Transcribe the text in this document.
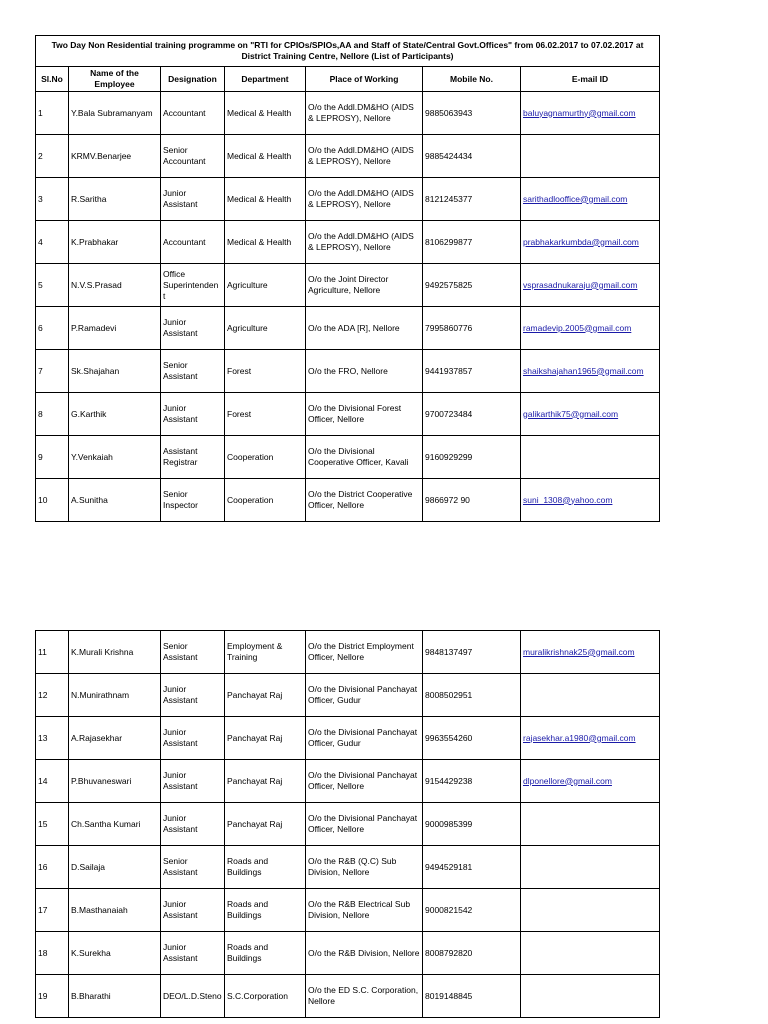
Two Day Non Residential training programme on "RTI for CPIOs/SPIOs,AA and Staff of State/Central Govt.Offices" from 06.02.2017 to 07.02.2017 at District Training Centre, Nellore (List of Participants)						
Sl.No	Name of the Employee	Designation	Department	Place of Working	Mobile No.	E-mail ID
1	Y.Bala Subramanyam	Accountant	Medical & Health	O/o the Addl.DM&HO (AIDS & LEPROSY), Nellore	9885063943	baluyagnamurthy@gmail.com
2	KRMV.Benarjee	Senior Accountant	Medical & Health	O/o the Addl.DM&HO (AIDS & LEPROSY), Nellore	9885424434	
3	R.Saritha	Junior Assistant	Medical & Health	O/o the Addl.DM&HO (AIDS & LEPROSY), Nellore	8121245377	sarithadlooffice@gmail.com
4	K.Prabhakar	Accountant	Medical & Health	O/o the Addl.DM&HO (AIDS & LEPROSY), Nellore	8106299877	prabhakarkumbda@gmail.com
5	N.V.S.Prasad	Office Superintenden t	Agriculture	O/o the Joint Director Agriculture, Nellore	9492575825	vsprasadnukaraju@gmail.com
6	P.Ramadevi	Junior Assistant	Agriculture	O/o the ADA [R], Nellore	7995860776	ramadevip.2005@gmail.com
7	Sk.Shajahan	Senior Assistant	Forest	O/o the FRO, Nellore	9441937857	shaikshajahan1965@gmail.com
8	G.Karthik	Junior Assistant	Forest	O/o the Divisional Forest Officer, Nellore	9700723484	galikarthik75@gmail.com
9	Y.Venkaiah	Assistant Registrar	Cooperation	O/o the Divisional Cooperative Officer, Kavali	9160929299	
10	A.Sunitha	Senior Inspector	Cooperation	O/o the District Cooperative Officer, Nellore	9866972 90	suni_1308@yahoo.com
11	K.Murali Krishna	Senior Assistant	Employment & Training	O/o the District Employment Officer, Nellore	9848137497	muralikrishnak25@gmail.com
12	N.Munirathnam	Junior Assistant	Panchayat Raj	O/o the Divisional Panchayat Officer, Gudur	8008502951	
13	A.Rajasekhar	Junior Assistant	Panchayat Raj	O/o the Divisional Panchayat Officer, Gudur	9963554260	rajasekhar.a1980@gmail.com
14	P.Bhuvaneswari	Junior Assistant	Panchayat Raj	O/o the Divisional Panchayat Officer, Nellore	9154429238	dlponellore@gmail.com
15	Ch.Santha Kumari	Junior Assistant	Panchayat Raj	O/o the Divisional Panchayat Officer, Nellore	9000985399	
16	D.Sailaja	Senior Assistant	Roads and Buildings	O/o the R&B (Q.C) Sub Division, Nellore	9494529181	
17	B.Masthanaiah	Junior Assistant	Roads and Buildings	O/o the R&B Electrical Sub Division, Nellore	9000821542	
18	K.Surekha	Junior Assistant	Roads and Buildings	O/o the R&B Division, Nellore	8008792820	
19	B.Bharathi	DEO/L.D.Steno	S.C.Corporation	O/o the ED S.C. Corporation, Nellore	8019148845	
